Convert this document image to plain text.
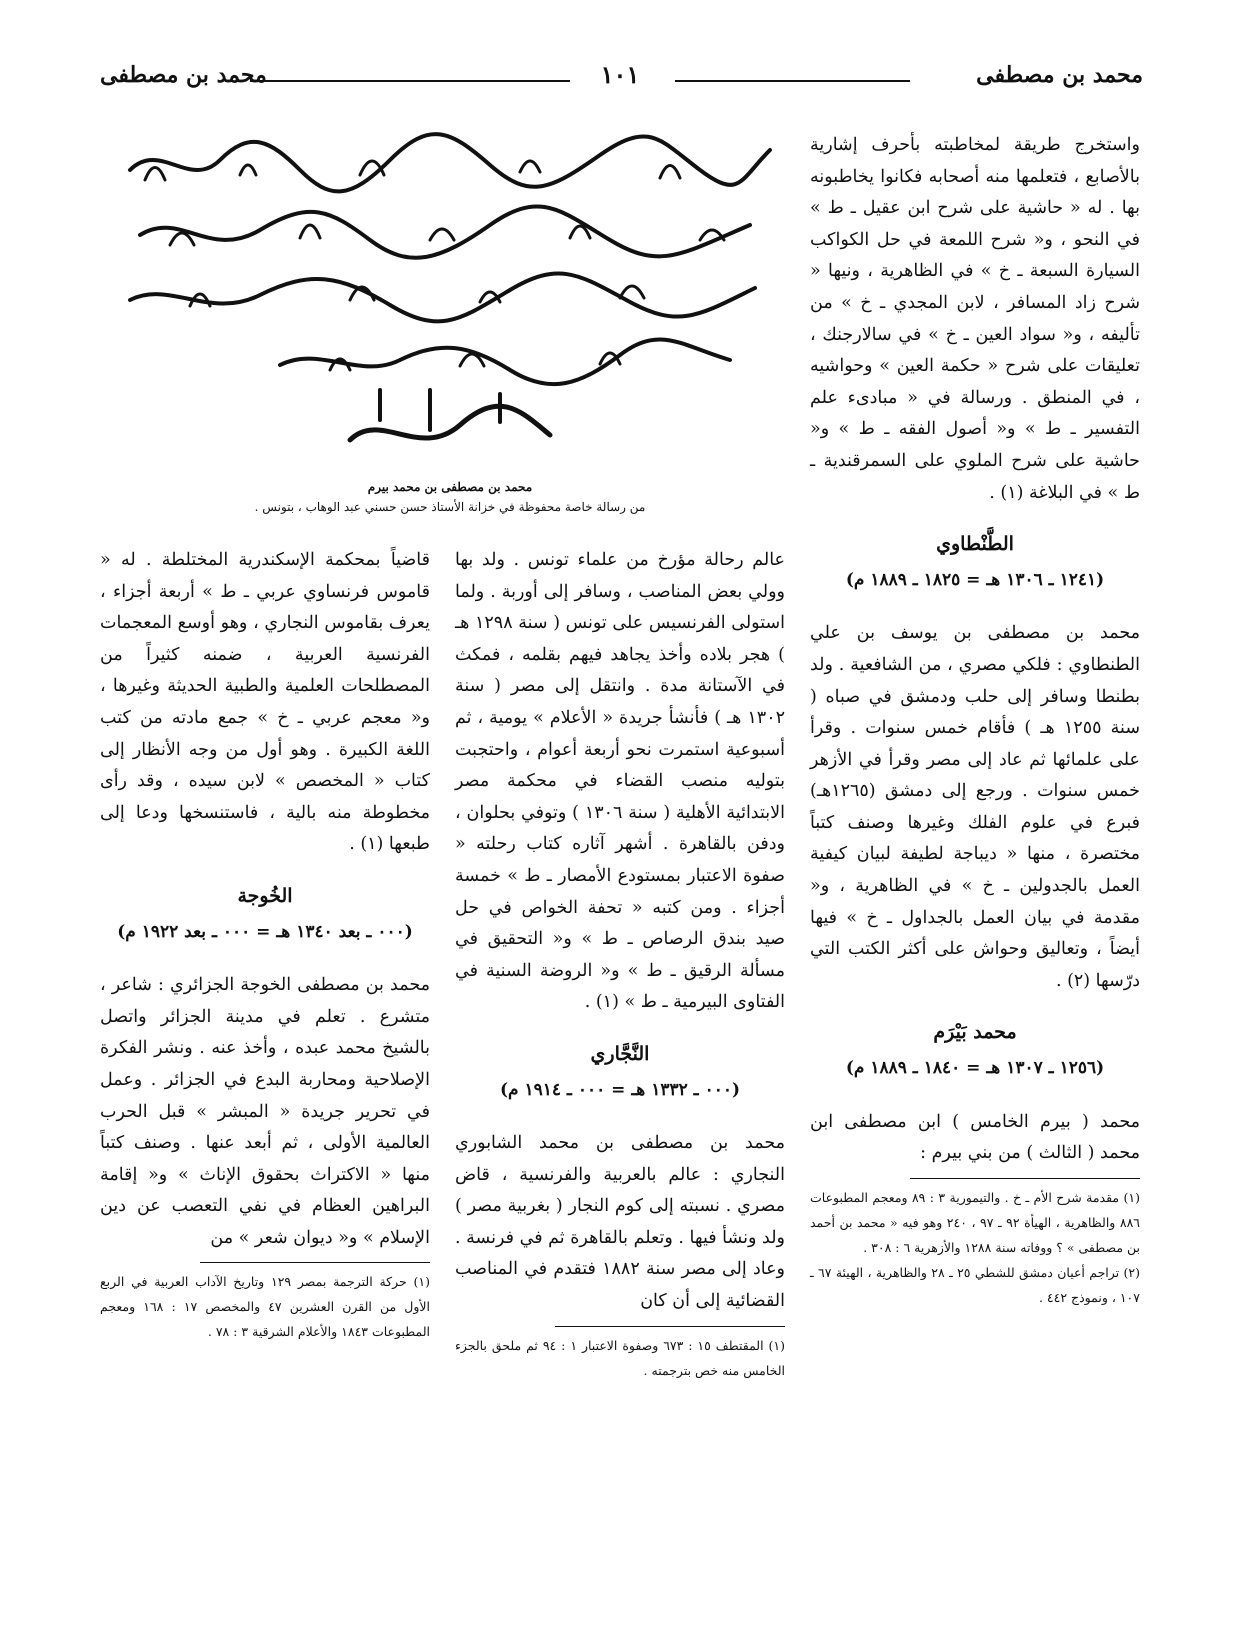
محمد بن مصطفى
١٠١
محمد بن مصطفى
محمد بن مصطفى بن محمد بيرم
من رسالة خاصة محفوظة في خزانة الأستاذ حسن حسني عبد الوهاب ، بتونس .

واستخرج طريقة لمخاطبته بأحرف إشارية بالأصابع ، فتعلمها منه أصحابه فكانوا يخاطبونه بها . له « حاشية على شرح ابن عقيل ـ ط » في النحو ، و« شرح اللمعة في حل الكواكب السيارة السبعة ـ خ » في الظاهرية ، ونيها « شرح زاد المسافر ، لابن المجدي ـ خ » من تأليفه ، و« سواد العين ـ خ » في سالارجنك ، تعليقات على شرح « حكمة العين » وحواشيه ، في المنطق . ورسالة في « مبادىء علم التفسير ـ ط » و« أصول الفقه ـ ط » و« حاشية على شرح الملوي على السمرقندية ـ ط » في البلاغة (١) .

الطَّنْطاوي
(١٢٤١ ـ ١٣٠٦ هـ = ١٨٢٥ ـ ١٨٨٩ م)

محمد بن مصطفى بن يوسف بن علي الطنطاوي : فلكي مصري ، من الشافعية . ولد بطنطا وسافر إلى حلب ودمشق في صباه ( سنة ١٢٥٥ هـ ) فأقام خمس سنوات . وقرأ على علمائها ثم عاد إلى مصر وقرأ في الأزهر خمس سنوات . ورجع إلى دمشق (١٢٦٥هـ) فبرع في علوم الفلك وغيرها وصنف كتباً مختصرة ، منها « ديباجة لطيفة لبيان كيفية العمل بالجدولين ـ خ » في الظاهرية ، و« مقدمة في بيان العمل بالجداول ـ خ » فيها أيضاً ، وتعاليق وحواش على أكثر الكتب التي درّسها (٢) .

محمد بَيْرَم
(١٢٥٦ ـ ١٣٠٧ هـ = ١٨٤٠ ـ ١٨٨٩ م)

محمد ( بيرم الخامس ) ابن مصطفى ابن محمد ( الثالث ) من بني بيرم :

(١) مقدمة شرح الأم ـ خ . والتيمورية ٣ : ٨٩ ومعجم المطبوعات ٨٨٦ والظاهرية ، الهيأة ٩٢ ـ ٩٧ ، ٢٤٠ وهو فيه « محمد بن أحمد بن مصطفى » ؟ ووفاته سنة ١٢٨٨ والأزهرية ٦ : ٣٠٨ .

(٢) تراجم أعيان دمشق للشطي ٢٥ ـ ٢٨ والظاهرية ، الهيئة ٦٧ ـ ١٠٧ ، ونموذج ٤٤٢ .

عالم رحالة مؤرخ من علماء تونس . ولد بها وولي بعض المناصب ، وسافر إلى أوربة . ولما استولى الفرنسيس على تونس ( سنة ١٢٩٨ هـ ) هجر بلاده وأخذ يجاهد فيهم بقلمه ، فمكث في الآستانة مدة . وانتقل إلى مصر ( سنة ١٣٠٢ هـ ) فأنشأ جريدة « الأعلام » يومية ، ثم أسبوعية استمرت نحو أربعة أعوام ، واحتجبت بتوليه منصب القضاء في محكمة مصر الابتدائية الأهلية ( سنة ١٣٠٦ ) وتوفي بحلوان ، ودفن بالقاهرة . أشهر آثاره كتاب رحلته « صفوة الاعتبار بمستودع الأمصار ـ ط » خمسة أجزاء . ومن كتبه « تحفة الخواص في حل صيد بندق الرصاص ـ ط » و« التحقيق في مسألة الرقيق ـ ط » و« الروضة السنية في الفتاوى البيرمية ـ ط » (١) .

النَّجَّاري
(٠٠٠ ـ ١٣٣٢ هـ = ٠٠٠ ـ ١٩١٤ م)

محمد بن مصطفى بن محمد الشابوري النجاري : عالم بالعربية والفرنسية ، قاض مصري . نسبته إلى كوم النجار ( بغربية مصر ) ولد ونشأ فيها . وتعلم بالقاهرة ثم في فرنسة . وعاد إلى مصر سنة ١٨٨٢ فتقدم في المناصب القضائية إلى أن كان

(١) المقتطف ١٥ : ٦٧٣ وصفوة الاعتبار ١ : ٩٤ ثم ملحق بالجزء الخامس منه خص بترجمته .

قاضياً بمحكمة الإسكندرية المختلطة . له « قاموس فرنساوي عربي ـ ط » أربعة أجزاء ، يعرف بقاموس النجاري ، وهو أوسع المعجمات الفرنسية العربية ، ضمنه كثيراً من المصطلحات العلمية والطبية الحديثة وغيرها ، و« معجم عربي ـ خ » جمع مادته من كتب اللغة الكبيرة . وهو أول من وجه الأنظار إلى كتاب « المخصص » لابن سيده ، وقد رأى مخطوطة منه بالية ، فاستنسخها ودعا إلى طبعها (١) .

الخُوجة
(٠٠٠ ـ بعد ١٣٤٠ هـ = ٠٠٠ ـ بعد ١٩٢٢ م)

محمد بن مصطفى الخوجة الجزائري : شاعر ، متشرع . تعلم في مدينة الجزائر واتصل بالشيخ محمد عبده ، وأخذ عنه . ونشر الفكرة الإصلاحية ومحاربة البدع في الجزائر . وعمل في تحرير جريدة « المبشر » قبل الحرب العالمية الأولى ، ثم أبعد عنها . وصنف كتباً منها « الاكتراث بحقوق الإناث » و« إقامة البراهين العظام في نفي التعصب عن دين الإسلام » و« ديوان شعر » من

(١) حركة الترجمة بمصر ١٢٩ وتاريخ الآداب العربية في الربع الأول من القرن العشرين ٤٧ والمخصص ١٧ : ١٦٨ ومعجم المطبوعات ١٨٤٣ والأعلام الشرقية ٣ : ٧٨ .
